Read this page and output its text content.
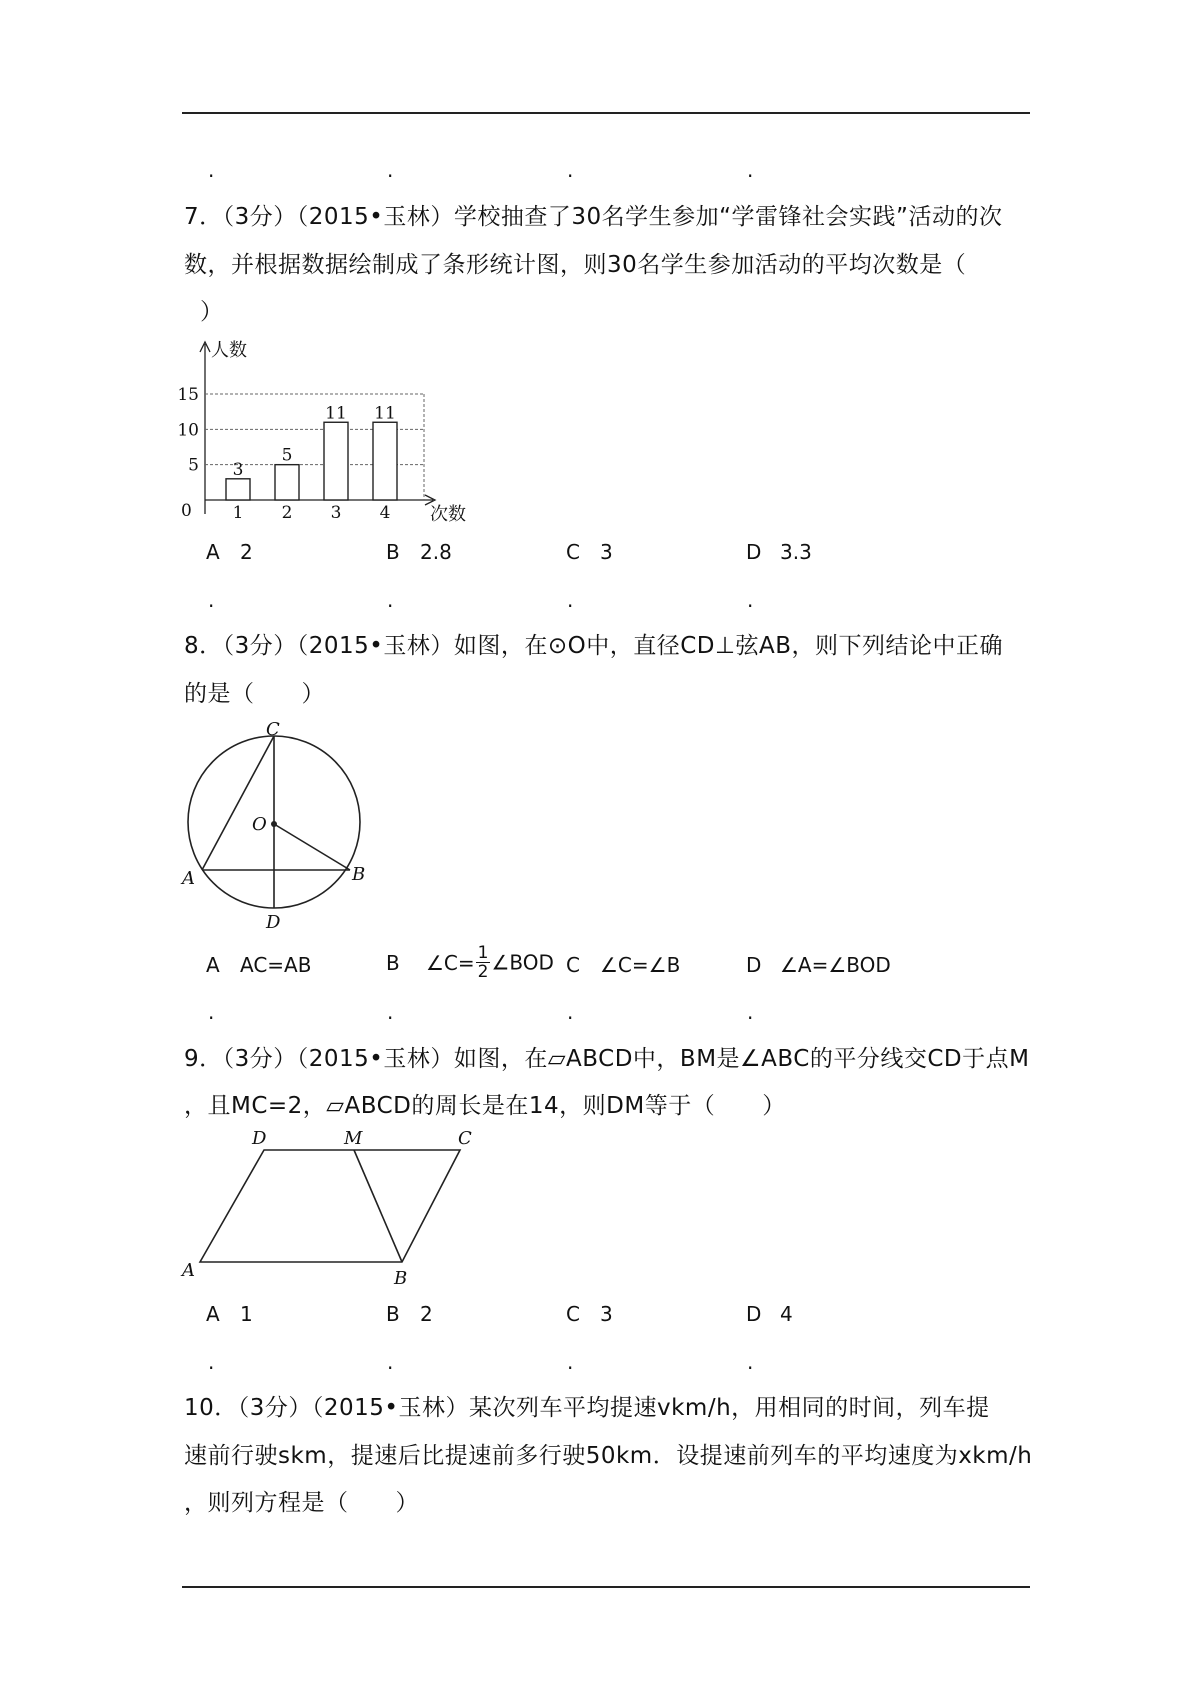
.	.	.	.
7．（3分）（2015•玉林）学校抽查了30名学生参加“学雷锋社会实践”活动的次
数，并根据数据绘制成了条形统计图，则30名学生参加活动的平均次数是（
）
5
10
15
0
3
1
5
2
11
3
11
4
人数
次数
A 2	B 2.8	C 3	D 3.3
.	.	.	.
8．（3分）（2015•玉林）如图，在⊙O中，直径CD⊥弦AB，则下列结论中正确
的是（　　）
C
O
A	B
D
A AC=AB	B ∠C= $\frac{1}{2}$ ∠BOD C ∠C=∠B	D ∠A=∠BOD
.	.	.	.
9．（3分）（2015•玉林）如图，在▱ABCD中，BM是∠ABC的平分线交CD于点M
，且MC=2，▱ABCD的周长是在14，则DM等于（　　）
D	M	C
A	B
A 1	B 2	C 3	D 4
.	.	.	.
10．（3分）（2015•玉林）某次列车平均提速vkm/h，用相同的时间，列车提
速前行驶skm，提速后比提速前多行驶50km．设提速前列车的平均速度为xkm/h
，则列方程是（　　）
